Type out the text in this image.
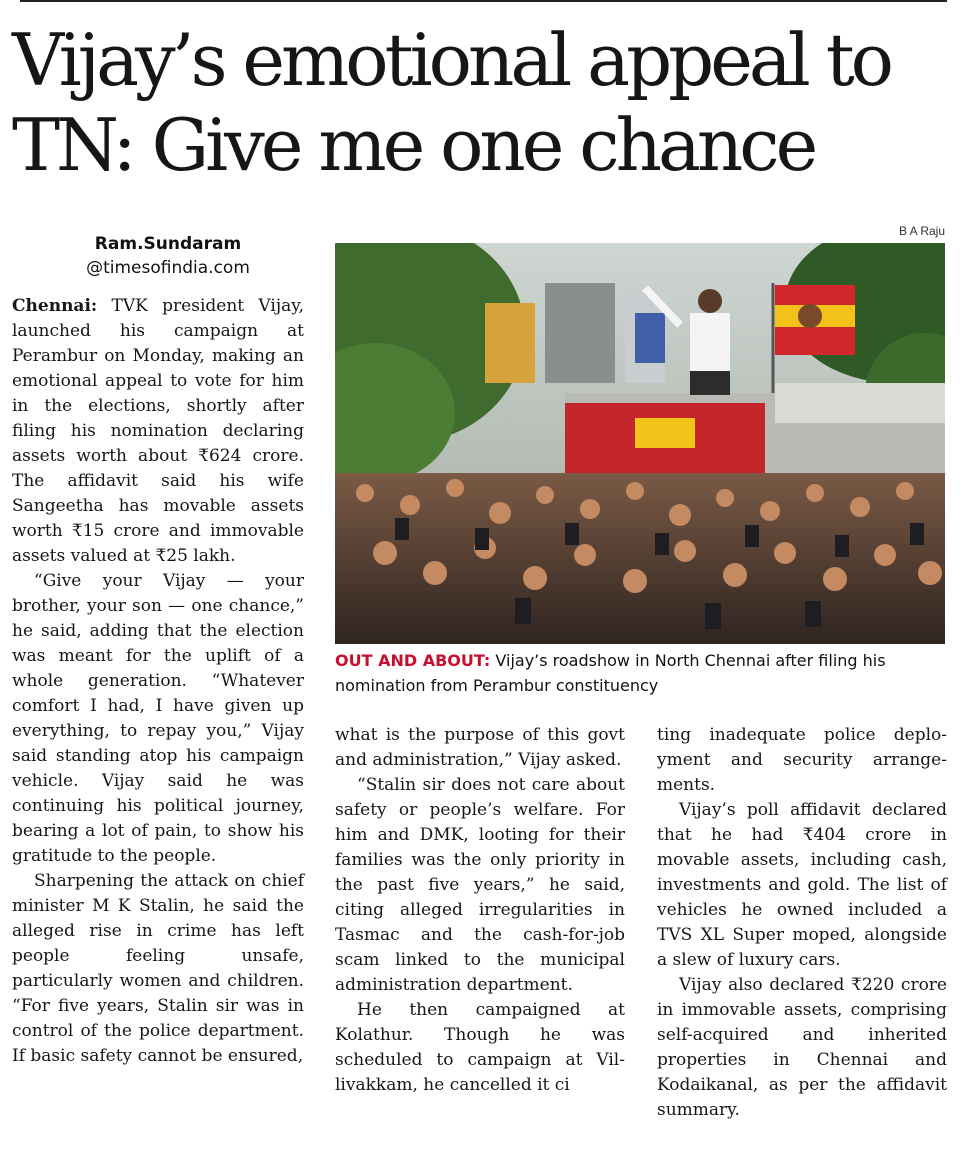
Vijay’s emotional appeal to
TN: Give me one chance
Ram.Sundaram
@timesofindia.com
B A Raju
OUT AND ABOUT: Vijay’s roadshow in North Chennai after filing his nomination from Perambur constituency

Chennai: TVK president Vijay, launched his campaign at Perambur on Monday, making an emotional appeal to vote for him in the elections, shortly after filing his nomination declaring assets worth about ₹624 crore. The affidavit said his wife Sangeetha has movable assets worth ₹15 crore and immovable assets valued at ₹25 lakh.

“Give your Vijay — your brother, your son — one chance,” he said, adding that the election was meant for the uplift of a whole generation. “Whatever comfort I had, I have given up everything, to repay you,” Vijay said standing atop his campaign vehicle. Vijay said he was continuing his political journey, bearing a lot of pain, to show his gratitude to the people.

Sharpening the attack on chief minister M K Stalin, he said the alleged rise in crime has left people feeling unsafe, particularly women and children. “For five years, Stalin sir was in control of the police department. If basic safety cannot be ensured,

what is the purpose of this govt and administration,” Vijay asked.

“Stalin sir does not care about safety or people’s welfare. For him and DMK, looting for their families was the only priority in the past five years,” he said, citing alleged irregularities in Tasmac and the cash-for-job scam linked to the municipal administration department.

He then campaigned at Kolathur. Though he was scheduled to campaign at Villivakkam, he cancelled it ci

ting inadequate police deployment and security arrangements.

Vijay’s poll affidavit declared that he had ₹404 crore in movable assets, including cash, investments and gold. The list of vehicles he owned included a TVS XL Super moped, alongside a slew of luxury cars.

Vijay also declared ₹220 crore in immovable assets, comprising self-acquired and inherited properties in Chennai and Kodaikanal, as per the affidavit summary.
